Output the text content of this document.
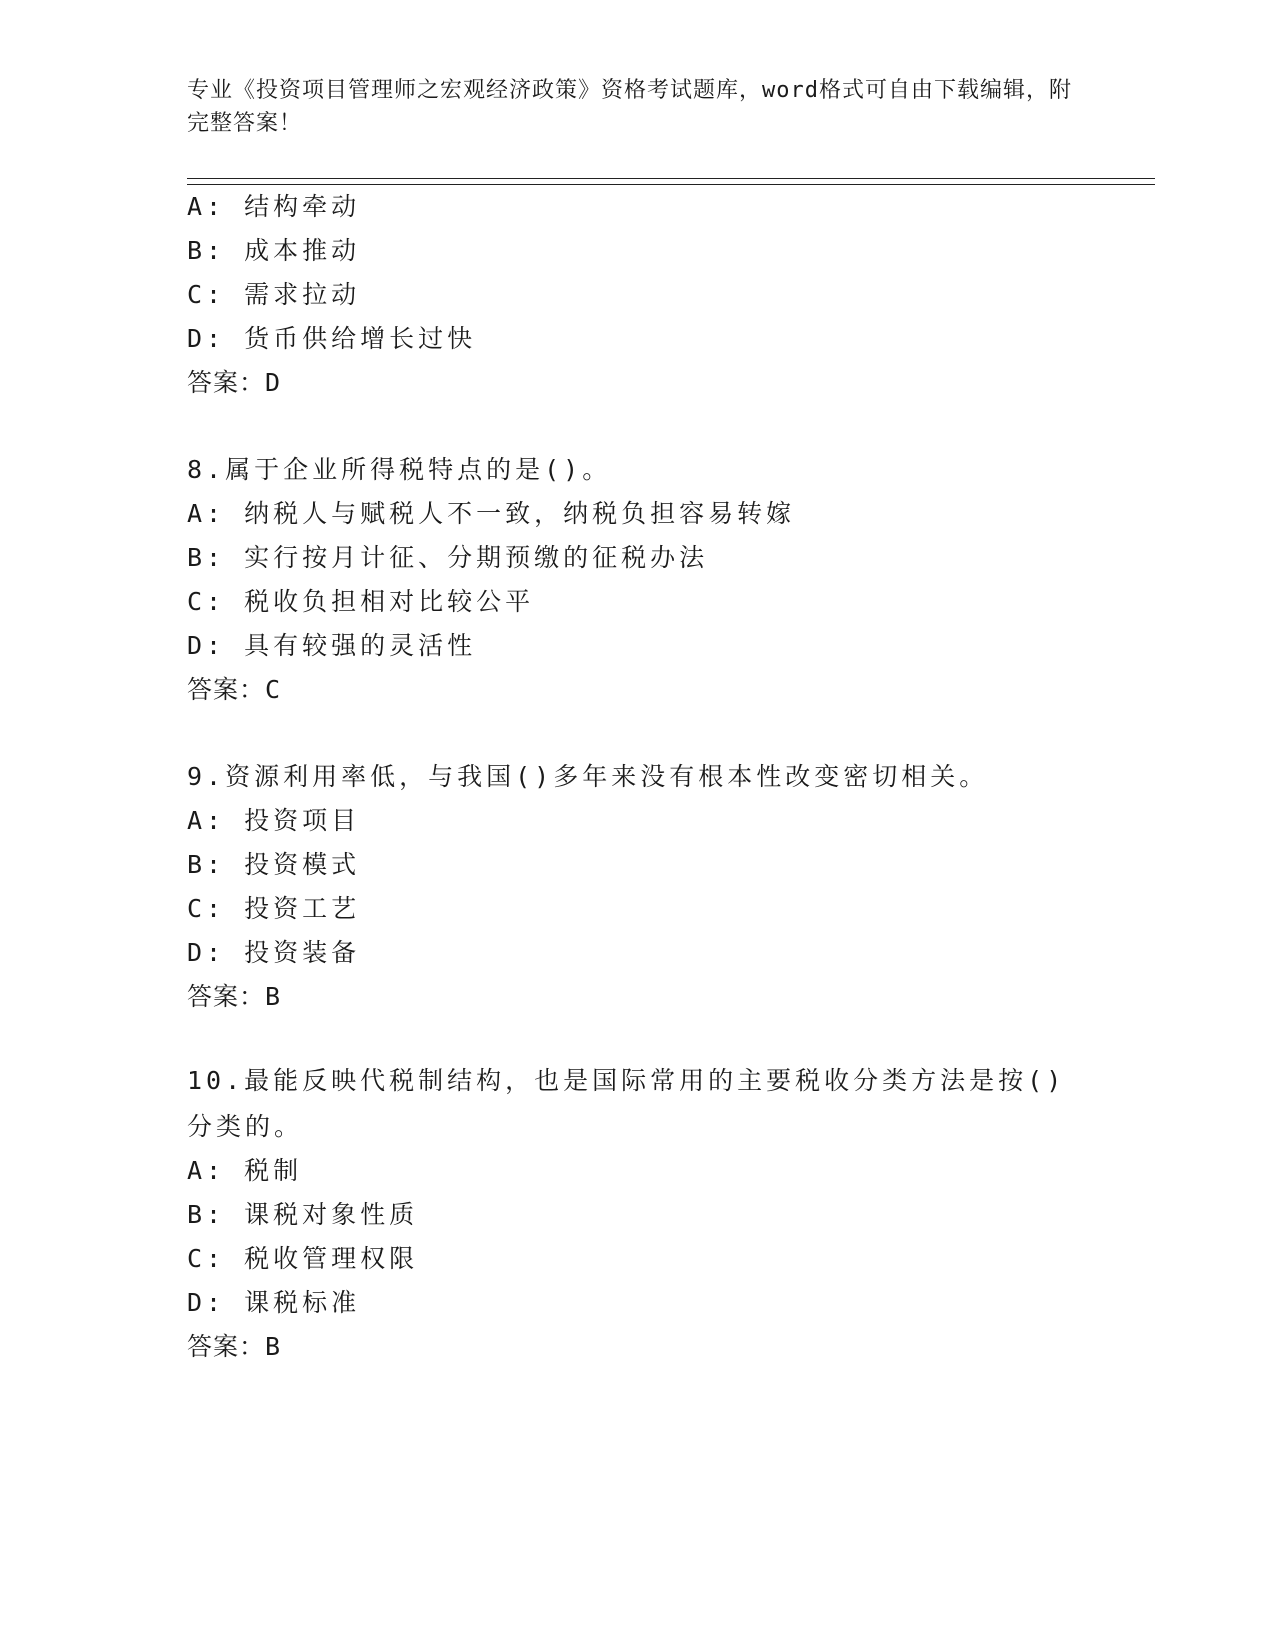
专业《投资项目管理师之宏观经济政策》资格考试题库，word格式可自由下载编辑，附完整答案！
A: 结构牵动
B: 成本推动
C: 需求拉动
D: 货币供给增长过快
答案：D
8.属于企业所得税特点的是()。
A: 纳税人与赋税人不一致，纳税负担容易转嫁
B: 实行按月计征、分期预缴的征税办法
C: 税收负担相对比较公平
D: 具有较强的灵活性
答案：C
9.资源利用率低，与我国()多年来没有根本性改变密切相关。
A: 投资项目
B: 投资模式
C: 投资工艺
D: 投资装备
答案：B
10.最能反映代税制结构，也是国际常用的主要税收分类方法是按()分类的。
A: 税制
B: 课税对象性质
C: 税收管理权限
D: 课税标准
答案：B
